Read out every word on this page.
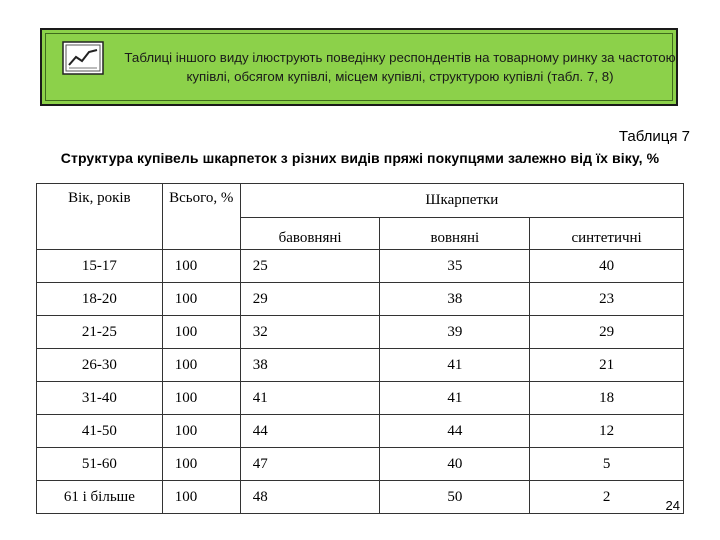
Таблиці іншого виду ілюструють поведінку респондентів на товарному ринку за частотою купівлі, обсягом купівлі, місцем купівлі, структурою купівлі (табл. 7, 8)
Таблиця 7
Структура купівель шкарпеток з різних видів пряжі покупцями залежно від їх віку, %
Вік, років	Всього, %	Шкарпетки		
		бавовняні	вовняні	синтетичні
15-17	100	25	35	40
18-20	100	29	38	23
21-25	100	32	39	29
26-30	100	38	41	21
31-40	100	41	41	18
41-50	100	44	44	12
51-60	100	47	40	5
61 і більше	100	48	50	2
24
